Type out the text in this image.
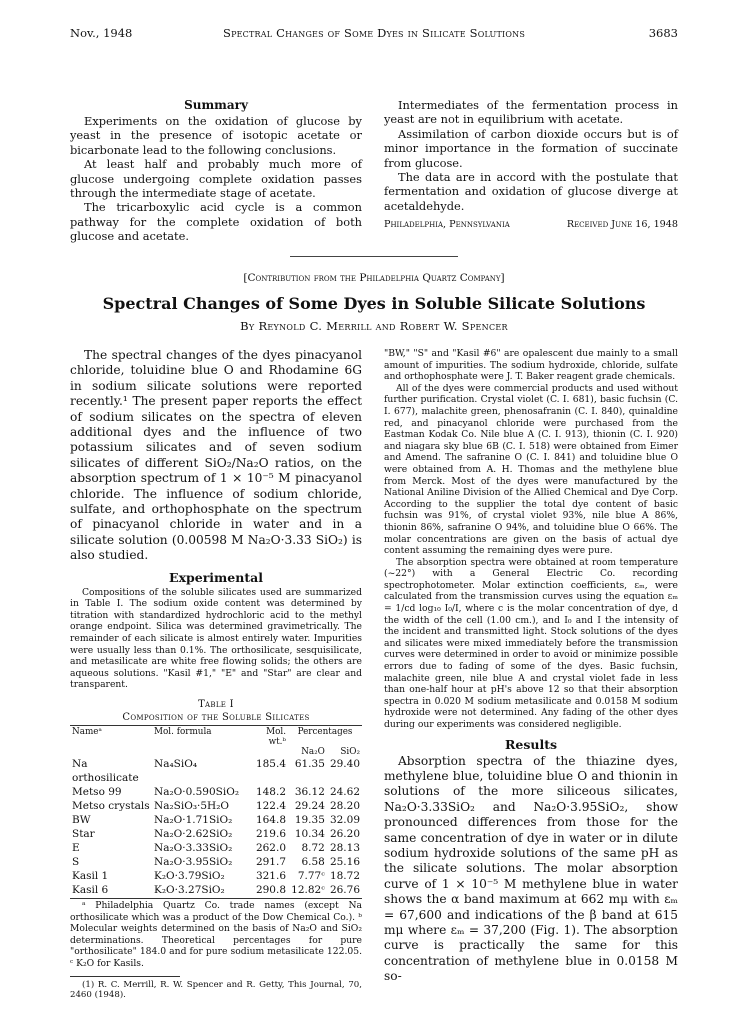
Nov., 1948	Spectral Changes of Some Dyes in Silicate Solutions	3683
Summary

Experiments on the oxidation of glucose by yeast in the presence of isotopic acetate or bicarbonate lead to the following conclusions.

At least half and probably much more of glucose undergoing complete oxidation passes through the intermediate stage of acetate.

The tricarboxylic acid cycle is a common pathway for the complete oxidation of both glucose and acetate.

Intermediates of the fermentation process in yeast are not in equilibrium with acetate.

Assimilation of carbon dioxide occurs but is of minor importance in the formation of succinate from glucose.

The data are in accord with the postulate that fermentation and oxidation of glucose diverge at acetaldehyde.

Philadelphia, Pennsylvania	Received June 16, 1948
[Contribution from the Philadelphia Quartz Company]
Spectral Changes of Some Dyes in Soluble Silicate Solutions
By Reynold C. Merrill and Robert W. Spencer

The spectral changes of the dyes pinacyanol chloride, toluidine blue O and Rhodamine 6G in sodium silicate solutions were reported recently.¹ The present paper reports the effect of sodium silicates on the spectra of eleven additional dyes and the influence of two potassium silicates and of seven sodium silicates of different SiO₂/Na₂O ratios, on the absorption spectrum of 1 × 10⁻⁵ M pinacyanol chloride. The influence of sodium chloride, sulfate, and orthophosphate on the spectrum of pinacyanol chloride in water and in a silicate solution (0.00598 M Na₂O·3.33 SiO₂) is also studied.

Experimental

Compositions of the soluble silicates used are summarized in Table I. The sodium oxide content was determined by titration with standardized hydrochloric acid to the methyl orange endpoint. Silica was determined gravimetrically. The remainder of each silicate is almost entirely water. Impurities were usually less than 0.1%. The orthosilicate, sesquisilicate, and metasilicate are white free flowing solids; the others are aqueous solutions. "Kasil #1," "E" and "Star" are clear and transparent.

Table I
Composition of the Soluble Silicates
Nameᵃ	Mol. formula	Mol. wt.ᵇ	Percentages	
			Na₂O	SiO₂
Na orthosilicate	Na₄SiO₄	185.4	61.35	29.40
Metso 99	Na₂O·0.590SiO₂	148.2	36.12	24.62
Metso crystals	Na₂SiO₃·5H₂O	122.4	29.24	28.20
BW	Na₂O·1.71SiO₂	164.8	19.35	32.09
Star	Na₂O·2.62SiO₂	219.6	10.34	26.20
E	Na₂O·3.33SiO₂	262.0	8.72	28.13
S	Na₂O·3.95SiO₂	291.7	6.58	25.16
Kasil 1	K₂O·3.79SiO₂	321.6	7.77ᶜ	18.72
Kasil 6	K₂O·3.27SiO₂	290.8	12.82ᶜ	26.76

ᵃ Philadelphia Quartz Co. trade names (except Na orthosilicate which was a product of the Dow Chemical Co.). ᵇ Molecular weights determined on the basis of Na₂O and SiO₂ determinations. Theoretical percentages for pure "orthosilicate" 184.0 and for pure sodium metasilicate 122.05. ᶜ K₂O for Kasils.

(1) R. C. Merrill, R. W. Spencer and R. Getty, This Journal, 70, 2460 (1948).

"BW," "S" and "Kasil #6" are opalescent due mainly to a small amount of impurities. The sodium hydroxide, chloride, sulfate and orthophosphate were J. T. Baker reagent grade chemicals.

All of the dyes were commercial products and used without further purification. Crystal violet (C. I. 681), basic fuchsin (C. I. 677), malachite green, phenosafranin (C. I. 840), quinaldine red, and pinacyanol chloride were purchased from the Eastman Kodak Co. Nile blue A (C. I. 913), thionin (C. I. 920) and niagara sky blue 6B (C. I. 518) were obtained from Eimer and Amend. The safranine O (C. I. 841) and toluidine blue O were obtained from A. H. Thomas and the methylene blue from Merck. Most of the dyes were manufactured by the National Aniline Division of the Allied Chemical and Dye Corp. According to the supplier the total dye content of basic fuchsin was 91%, of crystal violet 93%, nile blue A 86%, thionin 86%, safranine O 94%, and toluidine blue O 66%. The molar concentrations are given on the basis of actual dye content assuming the remaining dyes were pure.

The absorption spectra were obtained at room temperature (~22°) with a General Electric Co. recording spectrophotometer. Molar extinction coefficients, εₘ, were calculated from the transmission curves using the equation εₘ = 1/cd log₁₀ I₀/I, where c is the molar concentration of dye, d the width of the cell (1.00 cm.), and I₀ and I the intensity of the incident and transmitted light. Stock solutions of the dyes and silicates were mixed immediately before the transmission curves were determined in order to avoid or minimize possible errors due to fading of some of the dyes. Basic fuchsin, malachite green, nile blue A and crystal violet fade in less than one-half hour at pH's above 12 so that their absorption spectra in 0.020 M sodium metasilicate and 0.0158 M sodium hydroxide were not determined. Any fading of the other dyes during our experiments was considered negligible.

Results

Absorption spectra of the thiazine dyes, methylene blue, toluidine blue O and thionin in solutions of the more siliceous silicates, Na₂O·3.33SiO₂ and Na₂O·3.95SiO₂, show pronounced differences from those for the same concentration of dye in water or in dilute sodium hydroxide solutions of the same pH as the silicate solutions. The molar absorption curve of 1 × 10⁻⁵ M methylene blue in water shows the α band maximum at 662 mμ with εₘ = 67,600 and indications of the β band at 615 mμ where εₘ = 37,200 (Fig. 1). The absorption curve is practically the same for this concentration of methylene blue in 0.0158 M so-
